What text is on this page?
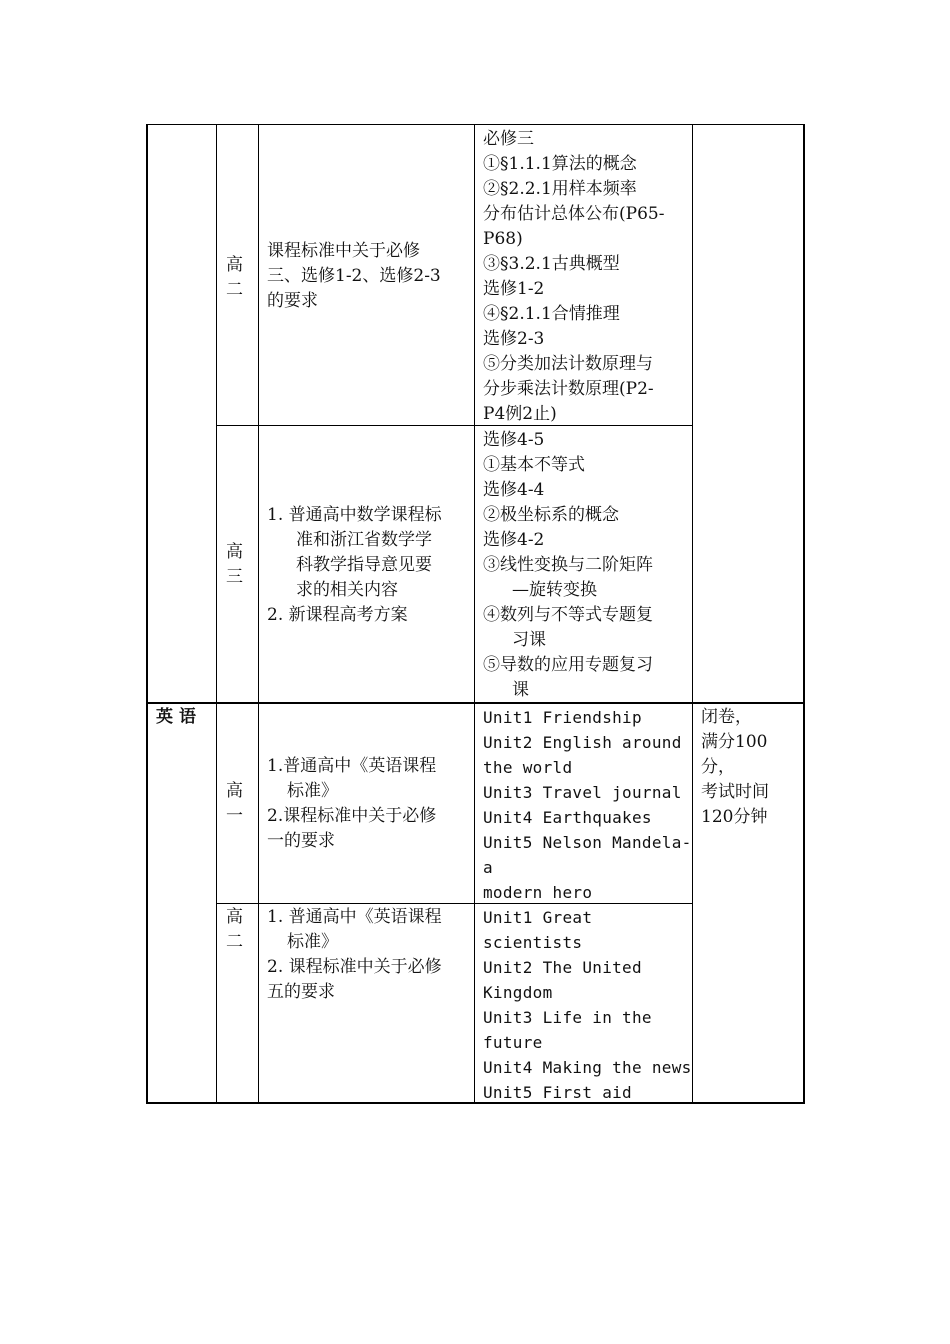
高
二
课程标准中关于必修
三、选修1-2、选修2-3
的要求
必修三
①§1.1.1算法的概念
②§2.2.1用样本频率
分布估计总体公布(P65-
P68)
③§3.2.1古典概型
选修1-2
④§2.1.1合情推理
选修2-3
⑤分类加法计数原理与
分步乘法计数原理(P2-
P4例2止)
高
三
1. 普通高中数学课程标
准和浙江省数学学
科教学指导意见要
求的相关内容
2. 新课程高考方案
选修4-5
①基本不等式
选修4-4
②极坐标系的概念
选修4-2
③线性变换与二阶矩阵
—旋转变换
④数列与不等式专题复
习课
⑤导数的应用专题复习
课
英语	闭卷，
满分100
分，
考试时间
120分钟
高
一
1.普通高中《英语课程
标准》
2.课程标准中关于必修
一的要求
Unit1 Friendship
Unit2 English around
the world
Unit3 Travel journal
Unit4 Earthquakes
Unit5 Nelson Mandela-
a
modern hero
高
二
1. 普通高中《英语课程
标准》
2. 课程标准中关于必修
五的要求
Unit1 Great
scientists
Unit2 The United
Kingdom
Unit3 Life in the
future
Unit4 Making the news
Unit5 First aid
